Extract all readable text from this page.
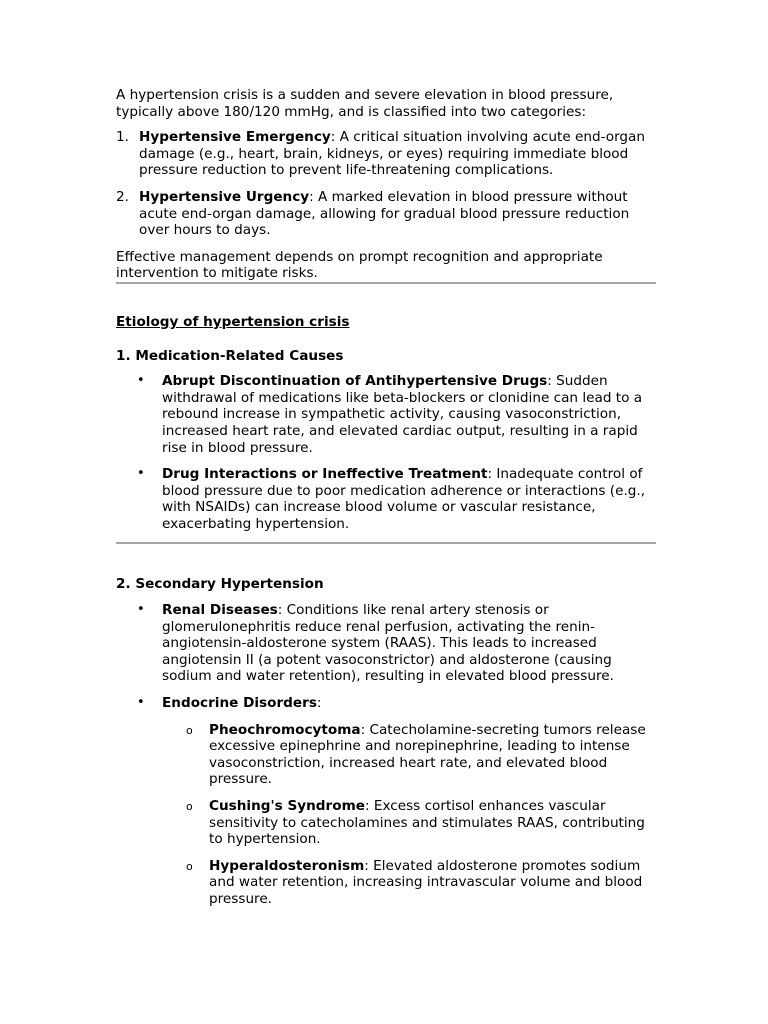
A hypertension crisis is a sudden and severe elevation in blood pressure, typically above 180/120 mmHg, and is classified into two categories:

1. Hypertensive Emergency: A critical situation involving acute end-organ damage (e.g., heart, brain, kidneys, or eyes) requiring immediate blood pressure reduction to prevent life-threatening complications.
2. Hypertensive Urgency: A marked elevation in blood pressure without acute end-organ damage, allowing for gradual blood pressure reduction over hours to days.

Effective management depends on prompt recognition and appropriate intervention to mitigate risks.

Etiology of hypertension crisis

1. Medication-Related Causes

• Abrupt Discontinuation of Antihypertensive Drugs: Sudden withdrawal of medications like beta-blockers or clonidine can lead to a rebound increase in sympathetic activity, causing vasoconstriction, increased heart rate, and elevated cardiac output, resulting in a rapid rise in blood pressure.
• Drug Interactions or Ineffective Treatment: Inadequate control of blood pressure due to poor medication adherence or interactions (e.g., with NSAIDs) can increase blood volume or vascular resistance, exacerbating hypertension.

2. Secondary Hypertension

• Renal Diseases: Conditions like renal artery stenosis or glomerulonephritis reduce renal perfusion, activating the renin-angiotensin-aldosterone system (RAAS). This leads to increased angiotensin II (a potent vasoconstrictor) and aldosterone (causing sodium and water retention), resulting in elevated blood pressure.
• Endocrine Disorders:
o Pheochromocytoma: Catecholamine-secreting tumors release excessive epinephrine and norepinephrine, leading to intense vasoconstriction, increased heart rate, and elevated blood pressure.
o Cushing's Syndrome: Excess cortisol enhances vascular sensitivity to catecholamines and stimulates RAAS, contributing to hypertension.
o Hyperaldosteronism: Elevated aldosterone promotes sodium and water retention, increasing intravascular volume and blood pressure.
